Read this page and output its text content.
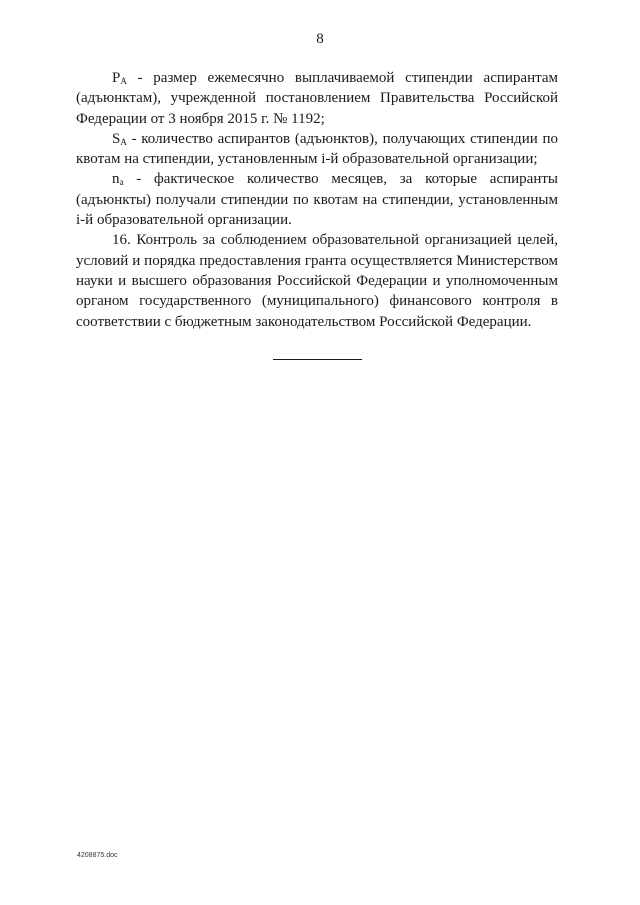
8

$P_A$ - размер ежемесячно выплачиваемой стипендии аспирантам (адъюнктам), учрежденной постановлением Правительства Российской Федерации от 3 ноября 2015 г. № 1192;

$S_A$ - количество аспирантов (адъюнктов), получающих стипендии по квотам на стипендии, установленным i-й образовательной организации;

$n_a$ - фактическое количество месяцев, за которые аспиранты (адъюнкты) получали стипендии по квотам на стипендии, установленным i-й образовательной организации.

16. Контроль за соблюдением образовательной организацией целей, условий и порядка предоставления гранта осуществляется Министерством науки и высшего образования Российской Федерации и уполномоченным органом государственного (муниципального) финансового контроля в соответствии с бюджетным законодательством Российской Федерации.

4208875.doc
